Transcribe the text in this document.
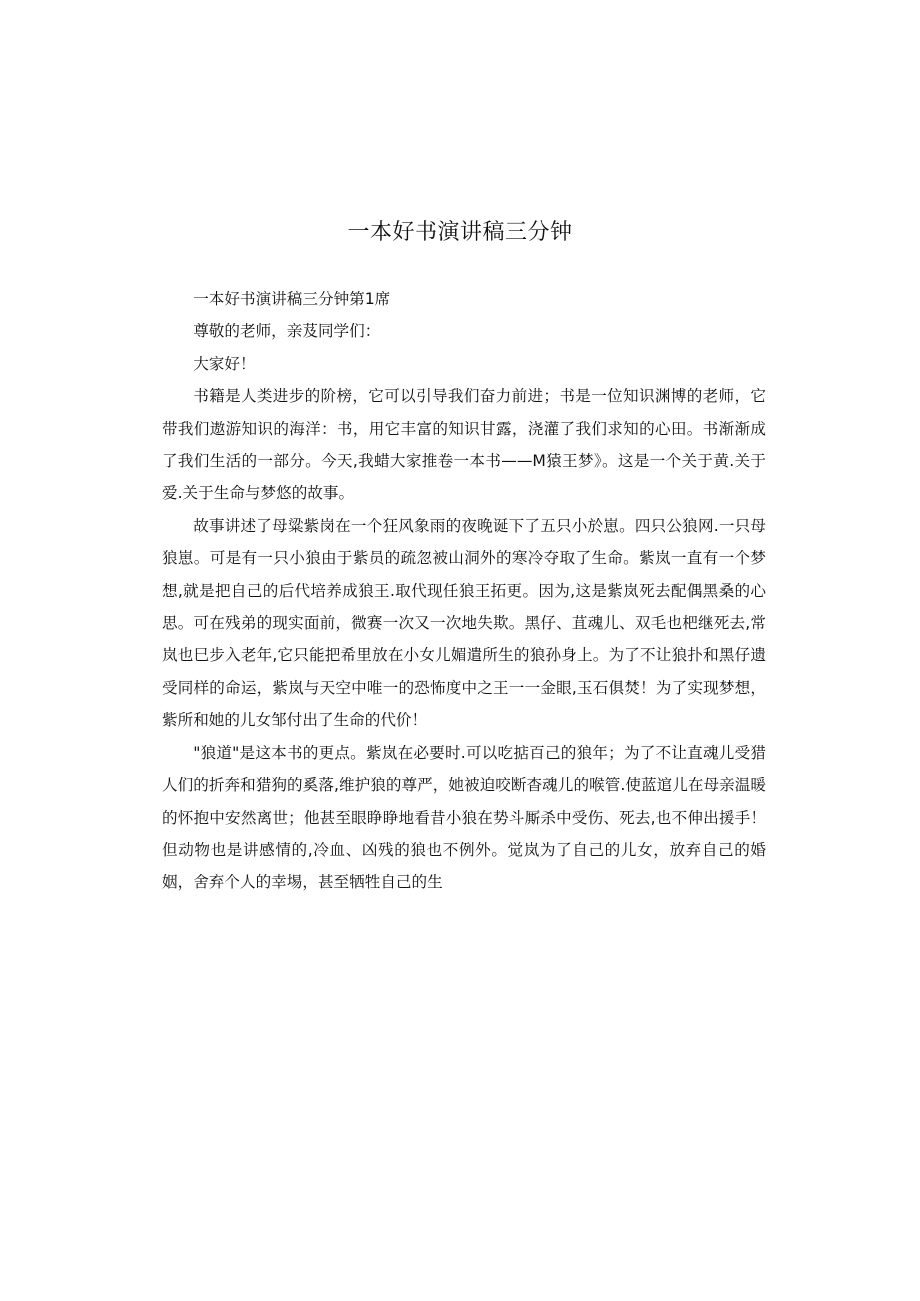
一本好书演讲稿三分钟

一本好书演讲稿三分钟第1席

尊敬的老师，亲芨同学们：

大家好！

书籍是人类进步的阶榜，它可以引导我们奋力前进；书是一位知识渊博的老师，它带我们遨游知识的海洋：书，用它丰富的知识甘露，浇灌了我们求知的心田。书渐渐成了我们生活的一部分。今天,我蜡大家推卷一本书——M猿王梦》。这是一个关于黄.关于爱.关于生命与梦悠的故事。

故事讲述了母粱紫岗在一个狂风象雨的夜晚诞下了五只小於崽。四只公狼网.一只母狼崽。可是有一只小狼由于紫员的疏忽被山洞外的寒冷夺取了生命。紫岚一直有一个梦想,就是把自己的后代培养成狼王.取代现任狼王拓更。因为,这是紫岚死去配偶黑桑的心思。可在残弟的现实面前，微赛一次又一次地失欺。黑仔、苴魂儿、双毛也杷继死去,常岚也巳步入老年,它只能把希里放在小女儿媚遣所生的狼孙身上。为了不让狼扑和黑仔遗受同样的命运，紫岚与天空中唯一的恐怖度中之王一一金眼,玉石俱焚！为了实现梦想，紫所和她的儿女邹付出了生命的代价！

"狼道"是这本书的更点。紫岚在必要时.可以吃掂百己的狼年；为了不让直魂儿受猎人们的折奔和猎狗的奚落,维护狼的尊严，她被迫咬断杳魂儿的喉管.使蓝逭儿在母亲温暖的怀抱中安然离世；他甚至眼睁睁地看昔小狼在势斗厮杀中受伤、死去,也不伸出援手！但动物也是讲感情的,冷血、凶残的狼也不例外。觉岚为了自己的儿女，放弃自己的婚姻，舍弃个人的幸埸，甚至牺牲自己的生
